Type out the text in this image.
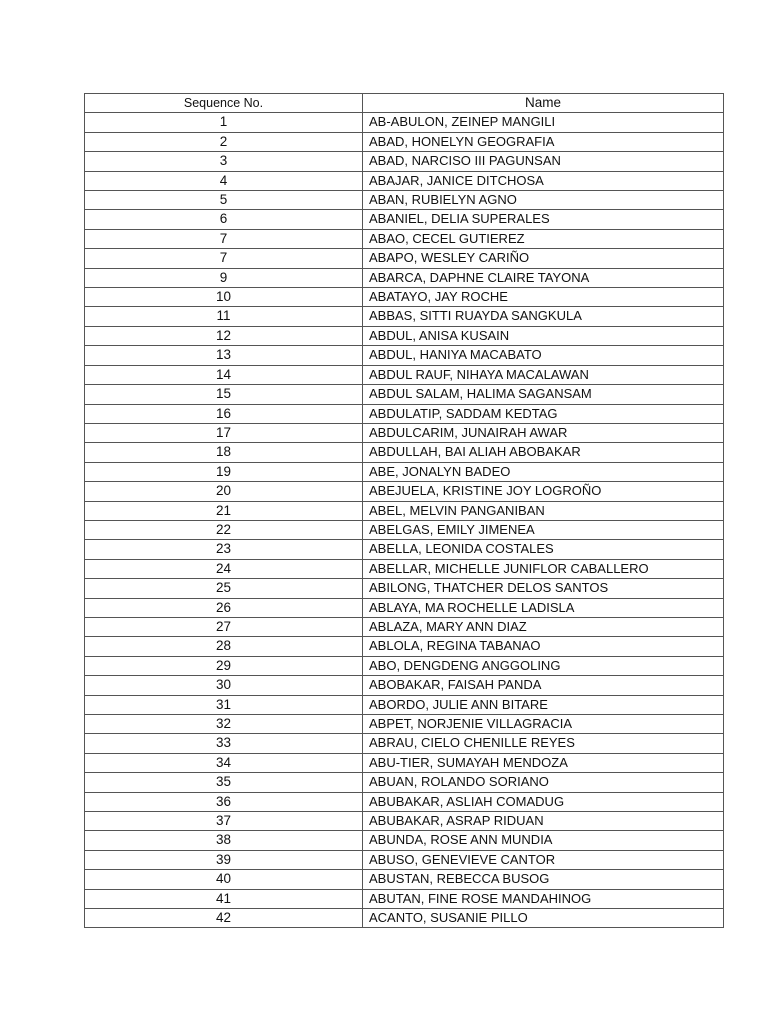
Sequence No.	Name
1	AB-ABULON, ZEINEP MANGILI
2	ABAD, HONELYN GEOGRAFIA
3	ABAD, NARCISO III PAGUNSAN
4	ABAJAR, JANICE DITCHOSA
5	ABAN, RUBIELYN AGNO
6	ABANIEL, DELIA SUPERALES
7	ABAO, CECEL GUTIEREZ
7	ABAPO, WESLEY CARIÑO
9	ABARCA, DAPHNE CLAIRE TAYONA
10	ABATAYO, JAY ROCHE
11	ABBAS, SITTI RUAYDA SANGKULA
12	ABDUL, ANISA KUSAIN
13	ABDUL, HANIYA MACABATO
14	ABDUL RAUF, NIHAYA MACALAWAN
15	ABDUL SALAM, HALIMA SAGANSAM
16	ABDULATIP, SADDAM KEDTAG
17	ABDULCARIM, JUNAIRAH AWAR
18	ABDULLAH, BAI ALIAH ABOBAKAR
19	ABE, JONALYN BADEO
20	ABEJUELA, KRISTINE JOY LOGROÑO
21	ABEL, MELVIN PANGANIBAN
22	ABELGAS, EMILY JIMENEA
23	ABELLA, LEONIDA COSTALES
24	ABELLAR, MICHELLE JUNIFLOR CABALLERO
25	ABILONG, THATCHER DELOS SANTOS
26	ABLAYA, MA ROCHELLE LADISLA
27	ABLAZA, MARY ANN DIAZ
28	ABLOLA, REGINA TABANAO
29	ABO, DENGDENG ANGGOLING
30	ABOBAKAR, FAISAH PANDA
31	ABORDO, JULIE ANN BITARE
32	ABPET, NORJENIE VILLAGRACIA
33	ABRAU, CIELO CHENILLE REYES
34	ABU-TIER, SUMAYAH MENDOZA
35	ABUAN, ROLANDO SORIANO
36	ABUBAKAR, ASLIAH COMADUG
37	ABUBAKAR, ASRAP RIDUAN
38	ABUNDA, ROSE ANN MUNDIA
39	ABUSO, GENEVIEVE CANTOR
40	ABUSTAN, REBECCA BUSOG
41	ABUTAN, FINE ROSE MANDAHINOG
42	ACANTO, SUSANIE PILLO
